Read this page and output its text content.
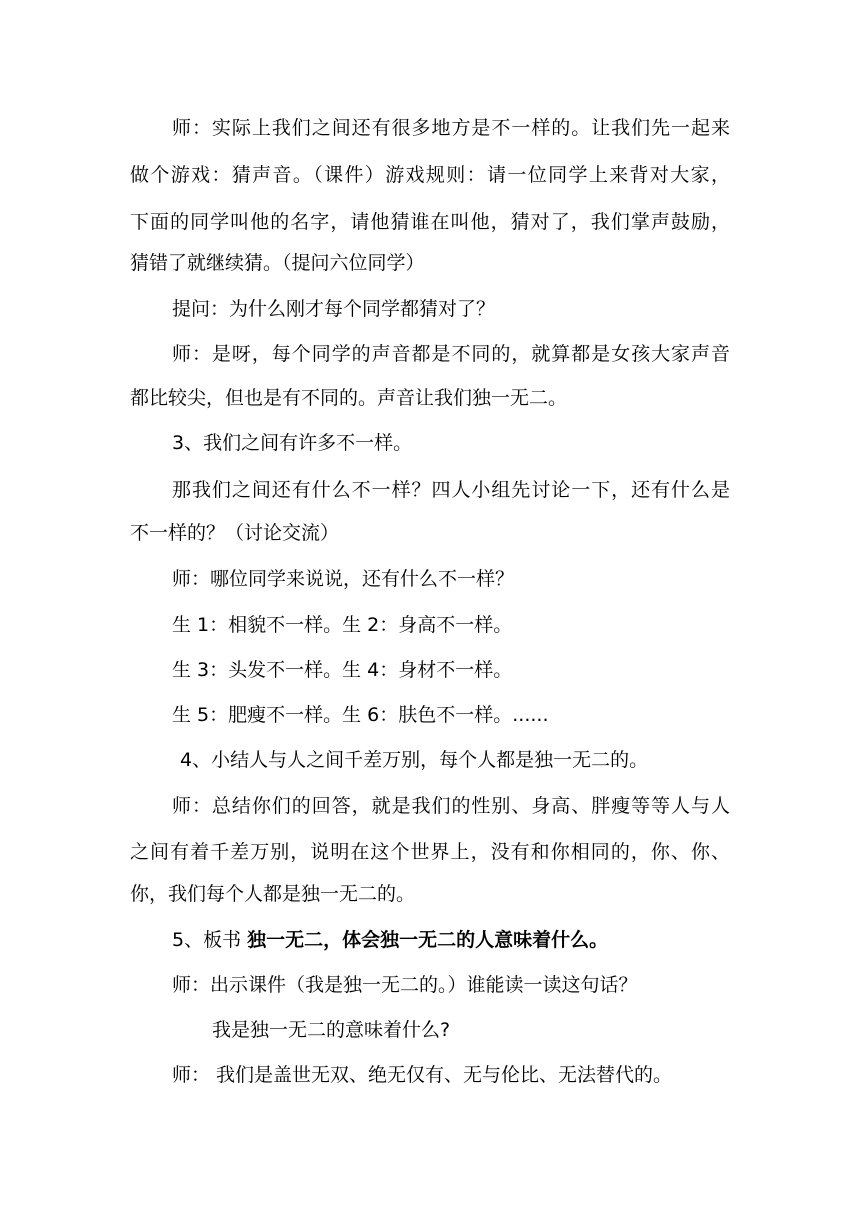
师：实际上我们之间还有很多地方是不一样的。让我们先一起来
做个游戏：猜声音。（课件）游戏规则：请一位同学上来背对大家，
下面的同学叫他的名字，请他猜谁在叫他，猜对了，我们掌声鼓励，
猜错了就继续猜。（提问六位同学）
提问：为什么刚才每个同学都猜对了？
师：是呀，每个同学的声音都是不同的，就算都是女孩大家声音
都比较尖，但也是有不同的。声音让我们独一无二。
3、我们之间有许多不一样。
那我们之间还有什么不一样？四人小组先讨论一下，还有什么是
不一样的？（讨论交流）
师：哪位同学来说说，还有什么不一样？
生 1：相貌不一样。生 2：身高不一样。
生 3：头发不一样。生 4：身材不一样。
生 5：肥瘦不一样。生 6：肤色不一样。......
4、小结人与人之间千差万别，每个人都是独一无二的。
师：总结你们的回答，就是我们的性别、身高、胖瘦等等人与人
之间有着千差万别，说明在这个世界上，没有和你相同的，你、你、
你，我们每个人都是独一无二的。
5、板书 独一无二，体会独一无二的人意味着什么。
师：出示课件（我是独一无二的。）谁能读一读这句话？
我是独一无二的意味着什么?
师： 我们是盖世无双、绝无仅有、无与伦比、无法替代的。
